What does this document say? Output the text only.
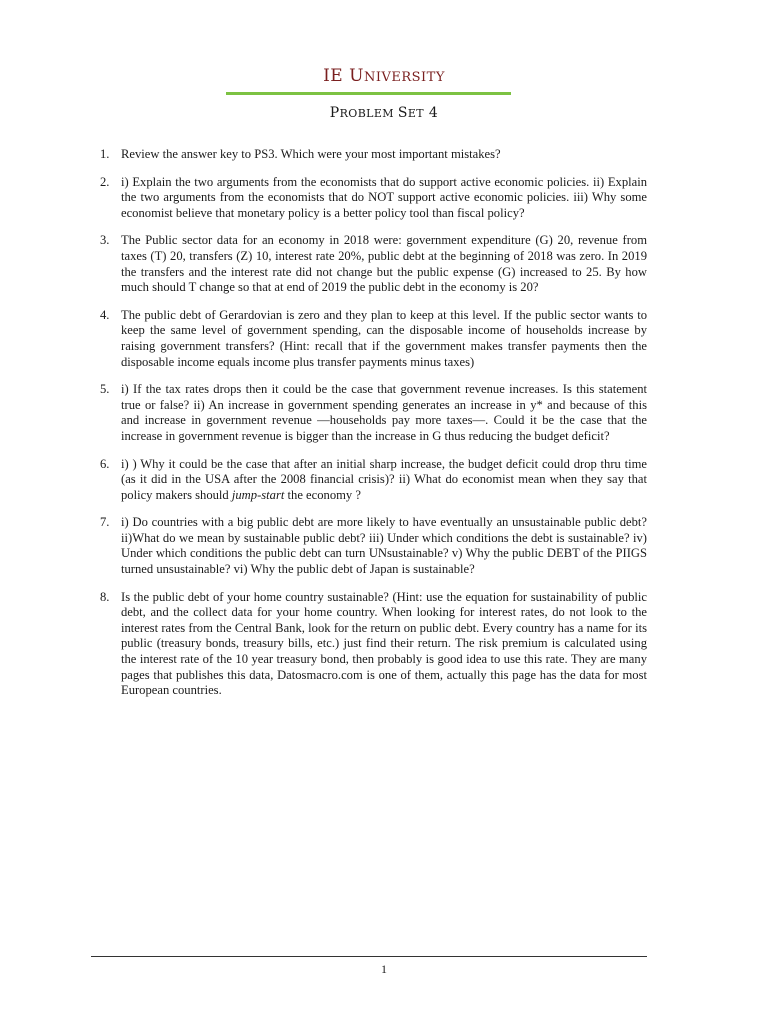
IE UNIVERSITY
PROBLEM SET 4
1. Review the answer key to PS3. Which were your most important mistakes?
2. i) Explain the two arguments from the economists that do support active economic policies. ii) Explain the two arguments from the economists that do NOT support active economic policies. iii) Why some economist believe that monetary policy is a better policy tool than fiscal policy?
3. The Public sector data for an economy in 2018 were: government expenditure (G) 20, revenue from taxes (T) 20, transfers (Z) 10, interest rate 20%, public debt at the beginning of 2018 was zero. In 2019 the transfers and the interest rate did not change but the public expense (G) increased to 25. By how much should T change so that at end of 2019 the public debt in the economy is 20?
4. The public debt of Gerardovian is zero and they plan to keep at this level. If the public sector wants to keep the same level of government spending, can the disposable income of households increase by raising government transfers? (Hint: recall that if the government makes transfer payments then the disposable income equals income plus transfer payments minus taxes)
5. i) If the tax rates drops then it could be the case that government revenue increases. Is this statement true or false? ii) An increase in government spending generates an increase in y* and because of this and increase in government revenue —households pay more taxes—. Could it be the case that the increase in government revenue is bigger than the increase in G thus reducing the budget deficit?
6. i) ) Why it could be the case that after an initial sharp increase, the budget deficit could drop thru time (as it did in the USA after the 2008 financial crisis)? ii) What do economist mean when they say that policy makers should jump-start the economy ?
7. i) Do countries with a big public debt are more likely to have eventually an unsustainable public debt? ii)What do we mean by sustainable public debt? iii) Under which conditions the debt is sustainable? iv) Under which conditions the public debt can turn UNsustainable? v) Why the public DEBT of the PIIGS turned unsustainable? vi) Why the public debt of Japan is sustainable?
8. Is the public debt of your home country sustainable? (Hint: use the equation for sustainability of public debt, and the collect data for your home country. When looking for interest rates, do not look to the interest rates from the Central Bank, look for the return on public debt. Every country has a name for its public (treasury bonds, treasury bills, etc.) just find their return. The risk premium is calculated using the interest rate of the 10 year treasury bond, then probably is good idea to use this rate. They are many pages that publishes this data, Datosmacro.com is one of them, actually this page has the data for most European countries.
1
